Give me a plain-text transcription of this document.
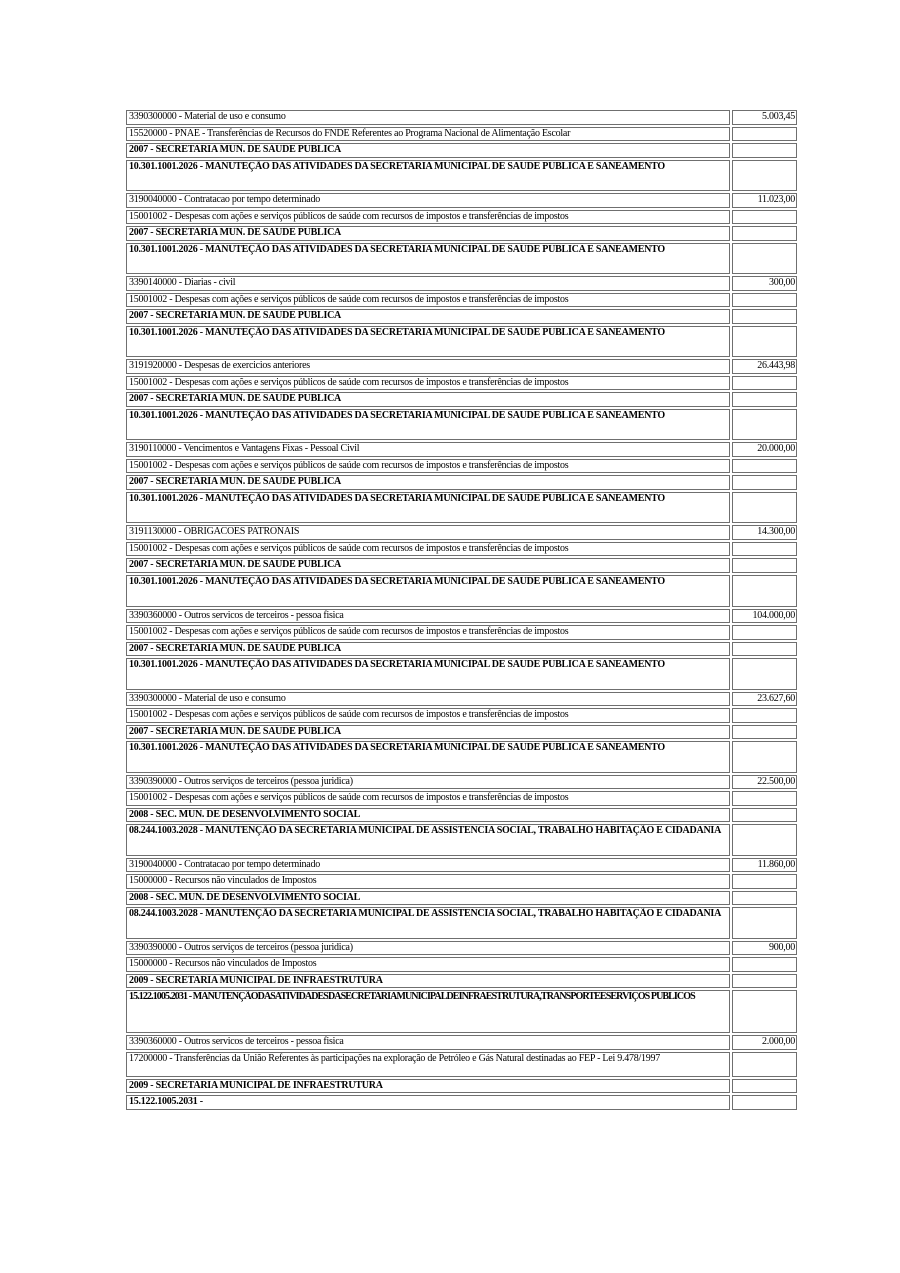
3390300000 - Material de uso e consumo	5.003,45
15520000 - PNAE - Transferências de Recursos do FNDE Referentes ao Programa Nacional de Alimentação Escolar	
2007 - SECRETARIA MUN. DE SAUDE PUBLICA	
10.301.1001.2026 - MANUTEÇÃO DAS ATIVIDADES DA SECRETARIA MUNICIPAL DE SAUDE PUBLICA E SANEAMENTO	
3190040000 - Contratacao por tempo determinado	11.023,00
15001002 - Despesas com ações e serviços públicos de saúde com recursos de impostos e transferências de impostos	
2007 - SECRETARIA MUN. DE SAUDE PUBLICA	
10.301.1001.2026 - MANUTEÇÃO DAS ATIVIDADES DA SECRETARIA MUNICIPAL DE SAUDE PUBLICA E SANEAMENTO	
3390140000 - Diarias - civil	300,00
15001002 - Despesas com ações e serviços públicos de saúde com recursos de impostos e transferências de impostos	
2007 - SECRETARIA MUN. DE SAUDE PUBLICA	
10.301.1001.2026 - MANUTEÇÃO DAS ATIVIDADES DA SECRETARIA MUNICIPAL DE SAUDE PUBLICA E SANEAMENTO	
3191920000 - Despesas de exercicios anteriores	26.443,98
15001002 - Despesas com ações e serviços públicos de saúde com recursos de impostos e transferências de impostos	
2007 - SECRETARIA MUN. DE SAUDE PUBLICA	
10.301.1001.2026 - MANUTEÇÃO DAS ATIVIDADES DA SECRETARIA MUNICIPAL DE SAUDE PUBLICA E SANEAMENTO	
3190110000 - Vencimentos e Vantagens Fixas - Pessoal Civil	20.000,00
15001002 - Despesas com ações e serviços públicos de saúde com recursos de impostos e transferências de impostos	
2007 - SECRETARIA MUN. DE SAUDE PUBLICA	
10.301.1001.2026 - MANUTEÇÃO DAS ATIVIDADES DA SECRETARIA MUNICIPAL DE SAUDE PUBLICA E SANEAMENTO	
3191130000 - OBRIGACOES PATRONAIS	14.300,00
15001002 - Despesas com ações e serviços públicos de saúde com recursos de impostos e transferências de impostos	
2007 - SECRETARIA MUN. DE SAUDE PUBLICA	
10.301.1001.2026 - MANUTEÇÃO DAS ATIVIDADES DA SECRETARIA MUNICIPAL DE SAUDE PUBLICA E SANEAMENTO	
3390360000 - Outros servicos de terceiros - pessoa fisica	104.000,00
15001002 - Despesas com ações e serviços públicos de saúde com recursos de impostos e transferências de impostos	
2007 - SECRETARIA MUN. DE SAUDE PUBLICA	
10.301.1001.2026 - MANUTEÇÃO DAS ATIVIDADES DA SECRETARIA MUNICIPAL DE SAUDE PUBLICA E SANEAMENTO	
3390300000 - Material de uso e consumo	23.627,60
15001002 - Despesas com ações e serviços públicos de saúde com recursos de impostos e transferências de impostos	
2007 - SECRETARIA MUN. DE SAUDE PUBLICA	
10.301.1001.2026 - MANUTEÇÃO DAS ATIVIDADES DA SECRETARIA MUNICIPAL DE SAUDE PUBLICA E SANEAMENTO	
3390390000 - Outros serviços de terceiros (pessoa juridica)	22.500,00
15001002 - Despesas com ações e serviços públicos de saúde com recursos de impostos e transferências de impostos	
2008 - SEC. MUN. DE DESENVOLVIMENTO SOCIAL	
08.244.1003.2028 - MANUTENÇÃO DA SECRETARIA MUNICIPAL DE ASSISTENCIA SOCIAL, TRABALHO HABITAÇÃO E CIDADANIA	
3190040000 - Contratacao por tempo determinado	11.860,00
15000000 - Recursos não vinculados de Impostos	
2008 - SEC. MUN. DE DESENVOLVIMENTO SOCIAL	
08.244.1003.2028 - MANUTENÇÃO DA SECRETARIA MUNICIPAL DE ASSISTENCIA SOCIAL, TRABALHO HABITAÇÃO E CIDADANIA	
3390390000 - Outros serviços de terceiros (pessoa juridica)	900,00
15000000 - Recursos não vinculados de Impostos	
2009 - SECRETARIA MUNICIPAL DE INFRAESTRUTURA	
15.122.1005.2031 - MANUTENÇÃODASATIVIDADESDASECRETARIAMUNICIPALDEINFRAESTRUTURA,TRANSPORTEESERVIÇOS PÚBLICOS	
3390360000 - Outros servicos de terceiros - pessoa fisica	2.000,00
17200000 - Transferências da União Referentes às participações na exploração de Petróleo e Gás Natural destinadas ao FEP - Lei 9.478/1997	
2009 - SECRETARIA MUNICIPAL DE INFRAESTRUTURA	
15.122.1005.2031 -	
